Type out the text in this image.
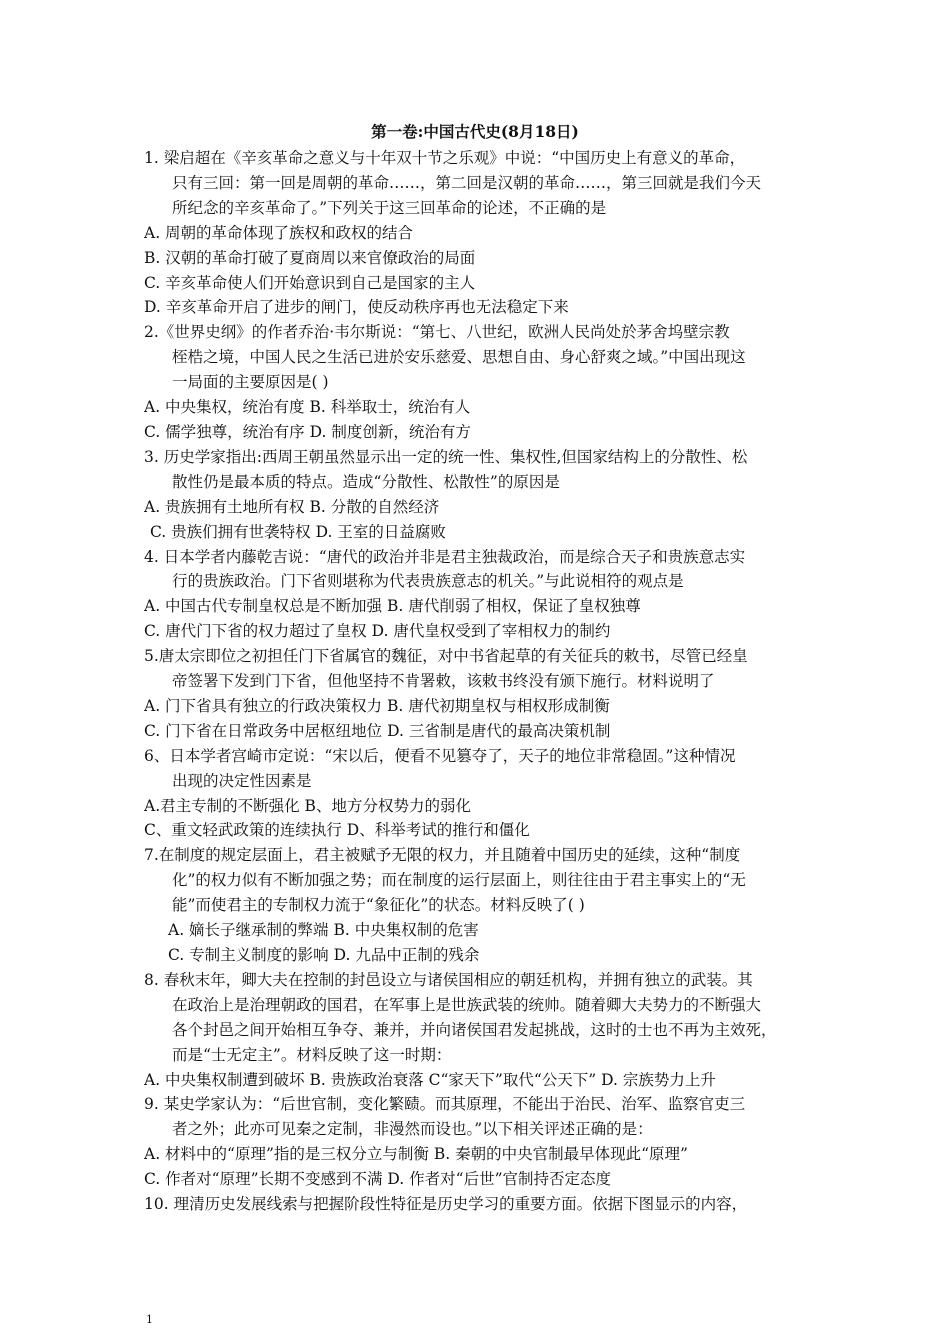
第一卷:中国古代史(8月18日)
1. 梁启超在《辛亥革命之意义与十年双十节之乐观》中说：“中国历史上有意义的革命，
只有三回：第一回是周朝的革命……，第二回是汉朝的革命……，第三回就是我们今天
所纪念的辛亥革命了。”下列关于这三回革命的论述，不正确的是
A. 周朝的革命体现了族权和政权的结合
B. 汉朝的革命打破了夏商周以来官僚政治的局面
C. 辛亥革命使人们开始意识到自己是国家的主人
D. 辛亥革命开启了进步的闸门，使反动秩序再也无法稳定下来
2.《世界史纲》的作者乔治·韦尔斯说：“第七、八世纪，欧洲人民尚处於茅舍坞壁宗教
桎梏之境，中国人民之生活已进於安乐慈爱、思想自由、身心舒爽之域。”中国出现这
一局面的主要原因是( )
A. 中央集权，统治有度 B. 科举取士，统治有人
C. 儒学独尊，统治有序 D. 制度创新，统治有方
3. 历史学家指出:西周王朝虽然显示出一定的统一性、集权性,但国家结构上的分散性、松
散性仍是最本质的特点。造成“分散性、松散性”的原因是
A. 贵族拥有土地所有权 B. 分散的自然经济
C. 贵族们拥有世袭特权 D. 王室的日益腐败
4. 日本学者内藤乾吉说：“唐代的政治并非是君主独裁政治，而是综合天子和贵族意志实
行的贵族政治。门下省则堪称为代表贵族意志的机关。”与此说相符的观点是
A. 中国古代专制皇权总是不断加强 B. 唐代削弱了相权，保证了皇权独尊
C. 唐代门下省的权力超过了皇权 D. 唐代皇权受到了宰相权力的制约
5.唐太宗即位之初担任门下省属官的魏征，对中书省起草的有关征兵的敕书，尽管已经皇
帝签署下发到门下省，但他坚持不肯署敕，该敕书终没有颁下施行。材料说明了
A. 门下省具有独立的行政决策权力 B. 唐代初期皇权与相权形成制衡
C. 门下省在日常政务中居枢纽地位 D. 三省制是唐代的最高决策机制
6、日本学者宫崎市定说：“宋以后，便看不见篡夺了，天子的地位非常稳固。”这种情况
出现的决定性因素是
A.君主专制的不断强化 B、地方分权势力的弱化
C、重文轻武政策的连续执行 D、科举考试的推行和僵化
7.在制度的规定层面上，君主被赋予无限的权力，并且随着中国历史的延续，这种“制度
化”的权力似有不断加强之势；而在制度的运行层面上，则往往由于君主事实上的“无
能”而使君主的专制权力流于“象征化”的状态。材料反映了( )
A. 嫡长子继承制的弊端 B. 中央集权制的危害
C. 专制主义制度的影响 D. 九品中正制的残余
8. 春秋末年，卿大夫在控制的封邑设立与诸侯国相应的朝廷机构，并拥有独立的武装。其
在政治上是治理朝政的国君，在军事上是世族武装的统帅。随着卿大夫势力的不断强大
各个封邑之间开始相互争夺、兼并，并向诸侯国君发起挑战，这时的士也不再为主效死，
而是“士无定主”。材料反映了这一时期：
A. 中央集权制遭到破坏 B. 贵族政治衰落 C“家天下”取代“公天下” D. 宗族势力上升
9. 某史学家认为：“后世官制，变化繁赜。而其原理，不能出于治民、治军、监察官吏三
者之外；此亦可见秦之定制，非漫然而设也。”以下相关评述正确的是：
A. 材料中的“原理”指的是三权分立与制衡 B. 秦朝的中央官制最早体现此“原理”
C. 作者对“原理”长期不变感到不满 D. 作者对“后世”官制持否定态度
10. 理清历史发展线索与把握阶段性特征是历史学习的重要方面。依据下图显示的内容，
1
